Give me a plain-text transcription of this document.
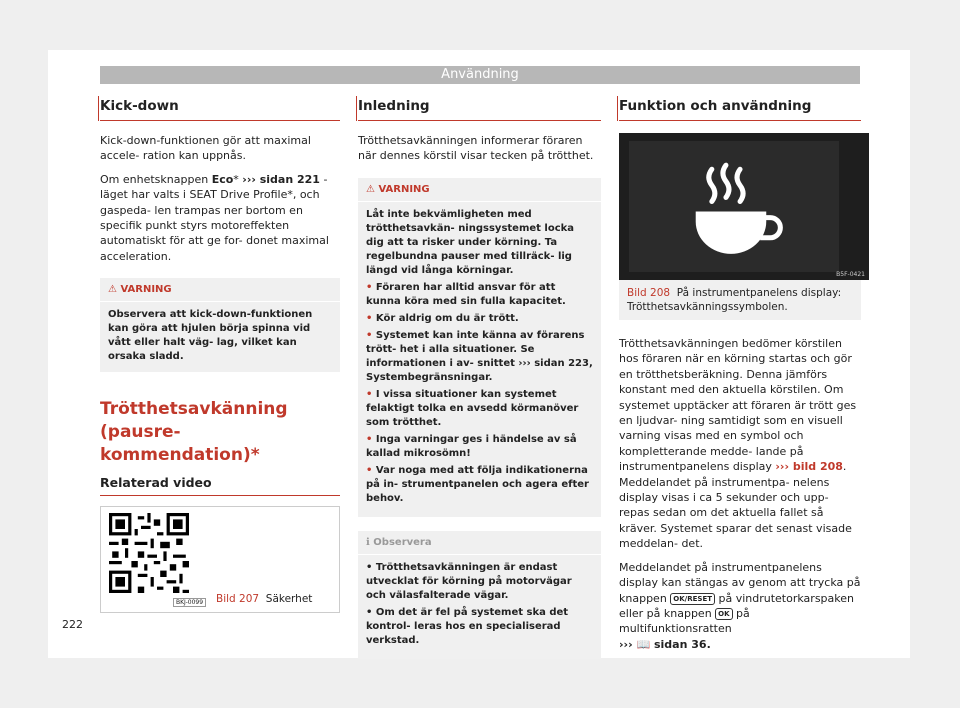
Användning
Kick-down

Kick-down-funktionen gör att maximal accele- ration kan uppnås.

Om enhetsknappen Eco* ››› sidan 221 -läget har valts i SEAT Drive Profile*, och gaspeda- len trampas ner bortom en specifik punkt styrs motoreffekten automatiskt för att ge for- donet maximal acceleration.

⚠ VARNING
Observera att kick-down-funktionen kan göra att hjulen börja spinna vid vått eller halt väg- lag, vilket kan orsaka sladd.
Trötthetsavkänning (pausre- kommendation)*
Relaterad video
BKJ-0099 Bild 207 Säkerhet
Inledning

Trötthetsavkänningen informerar föraren när dennes körstil visar tecken på trötthet.

⚠ VARNING
Låt inte bekvämligheten med trötthetsavkän- ningssystemet locka dig att ta risker under körning. Ta regelbundna pauser med tillräck- lig längd vid långa körningar.
• Föraren har alltid ansvar för att kunna köra med sin fulla kapacitet.
• Kör aldrig om du är trött.
• Systemet kan inte känna av förarens trött- het i alla situationer. Se informationen i av- snittet ››› sidan 223, Systembegränsningar.
• I vissa situationer kan systemet felaktigt tolka en avsedd körmanöver som trötthet.
• Inga varningar ges i händelse av så kallad mikrosömn!
• Var noga med att följa indikationerna på in- strumentpanelen och agera efter behov.
ℹ Observera
• Trötthetsavkänningen är endast utvecklat för körning på motorvägar och välasfalterade vägar.
• Om det är fel på systemet ska det kontrol- leras hos en specialiserad verkstad.
Funktion och användning
B5F-0421
Bild 208 På instrumentpanelens display: Trötthetsavkänningssymbolen.

Trötthetsavkänningen bedömer körstilen hos föraren när en körning startas och gör en trötthetsberäkning. Denna jämförs konstant med den aktuella körstilen. Om systemet upptäcker att föraren är trött ges en ljudvar- ning samtidigt som en visuell varning visas med en symbol och kompletterande medde- lande på instrumentpanelens display ››› bild 208. Meddelandet på instrumentpa- nelens display visas i ca 5 sekunder och upp- repas sedan om det aktuella fallet så kräver. Systemet sparar det senast visade meddelan- det.

Meddelandet på instrumentpanelens display kan stängas av genom att trycka på knappen OK/RESET på vindrutetorkarspaken eller på knappen OK på multifunktionsratten
››› 📖 sidan 36.

222
